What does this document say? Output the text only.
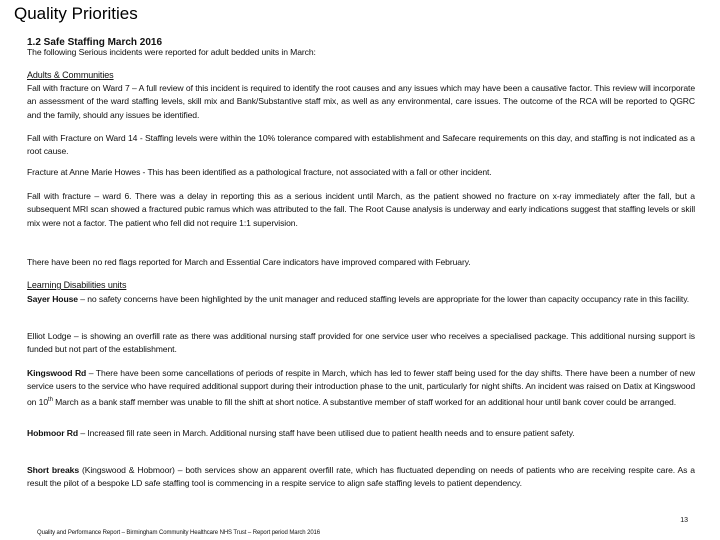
Quality Priorities
1.2 Safe Staffing March 2016

The following Serious incidents were reported for adult bedded units in March:

Adults & Communities

Fall with fracture on Ward 7 – A full review of this incident is required to identify the root causes and any issues which may have been a causative factor. This review will incorporate an assessment of the ward staffing levels, skill mix and Bank/Substantive staff mix, as well as any environmental, care issues. The outcome of the RCA will be reported to QGRC and the family, should any issues be identified.

Fall with Fracture on Ward 14 - Staffing levels were within the 10% tolerance compared with establishment and Safecare requirements on this day, and staffing is not indicated as a root cause.

Fracture at Anne Marie Howes - This has been identified as a pathological fracture, not associated with a fall or other incident.

Fall with fracture – ward 6. There was a delay in reporting this as a serious incident until March, as the patient showed no fracture on x-ray immediately after the fall, but a subsequent MRI scan showed a fractured pubic ramus which was attributed to the fall. The Root Cause analysis is underway and early indications suggest that staffing levels or skill mix were not a factor. The patient who fell did not require 1:1 supervision.

There have been no red flags reported for March and Essential Care indicators have improved compared with February.

Learning Disabilities units

Sayer House – no safety concerns have been highlighted by the unit manager and reduced staffing levels are appropriate for the lower than capacity occupancy rate in this facility.

Elliot Lodge – is showing an overfill rate as there was additional nursing staff provided for one service user who receives a specialised package. This additional nursing support is funded but not part of the establishment.

Kingswood Rd – There have been some cancellations of periods of respite in March, which has led to fewer staff being used for the day shifts. There have been a number of new service users to the service who have required additional support during their introduction phase to the unit, particularly for night shifts. An incident was raised on Datix at Kingswood on 10th March as a bank staff member was unable to fill the shift at short notice. A substantive member of staff worked for an additional hour until bank cover could be arranged.

Hobmoor Rd – Increased fill rate seen in March. Additional nursing staff have been utilised due to patient health needs and to ensure patient safety.

Short breaks (Kingswood & Hobmoor) – both services show an apparent overfill rate, which has fluctuated depending on needs of patients who are receiving respite care. As a result the pilot of a bespoke LD safe staffing tool is commencing in a respite service to align safe staffing levels to patient dependency.

13
Quality and Performance Report – Birmingham Community Healthcare NHS Trust – Report period March 2016
